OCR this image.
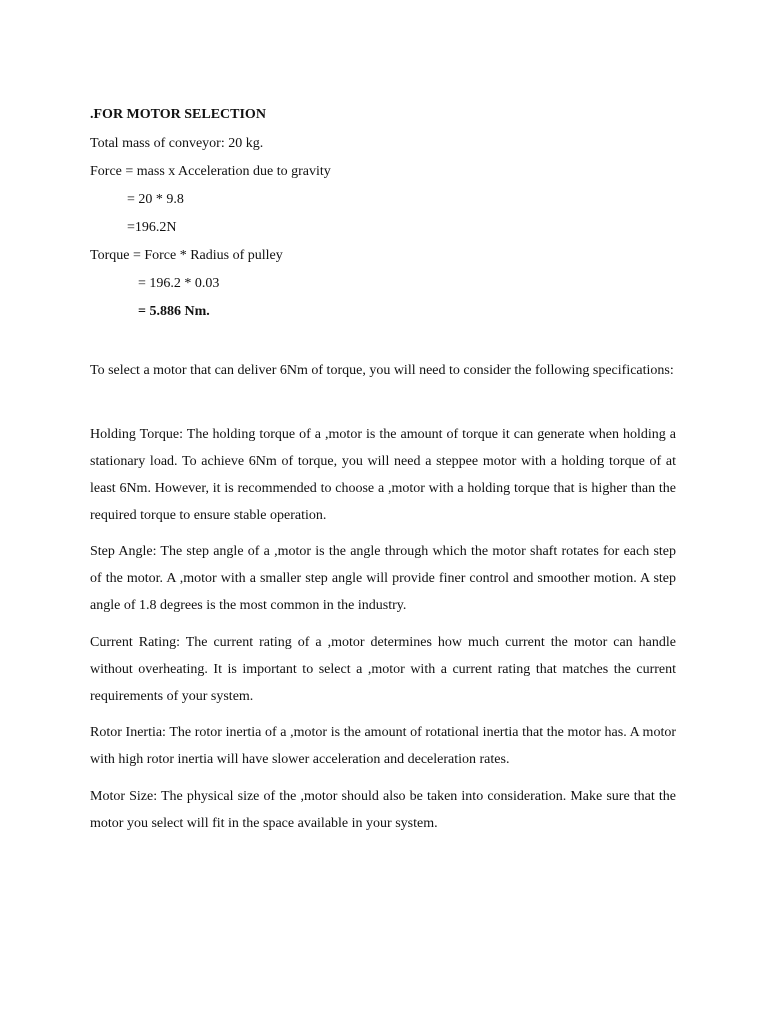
.FOR MOTOR SELECTION
Total mass of conveyor: 20 kg.
Force = mass x Acceleration due to gravity
= 20 * 9.8
=196.2N
Torque = Force * Radius of pulley
= 196.2 * 0.03
= 5.886 Nm.
To select a motor that can deliver 6Nm of torque, you will need to consider the following specifications:
Holding Torque: The holding torque of a ,motor is the amount of torque it can generate when holding a stationary load. To achieve 6Nm of torque, you will need a steppee motor with a holding torque of at least 6Nm. However, it is recommended to choose a ,motor with a holding torque that is higher than the required torque to ensure stable operation.
Step Angle: The step angle of a ,motor is the angle through which the motor shaft rotates for each step of the motor. A ,motor with a smaller step angle will provide finer control and smoother motion. A step angle of 1.8 degrees is the most common in the industry.
Current Rating: The current rating of a ,motor determines how much current the motor can handle without overheating. It is important to select a ,motor with a current rating that matches the current requirements of your system.
Rotor Inertia: The rotor inertia of a ,motor is the amount of rotational inertia that the motor has. A motor with high rotor inertia will have slower acceleration and deceleration rates.
Motor Size: The physical size of the ,motor should also be taken into consideration. Make sure that the motor you select will fit in the space available in your system.
